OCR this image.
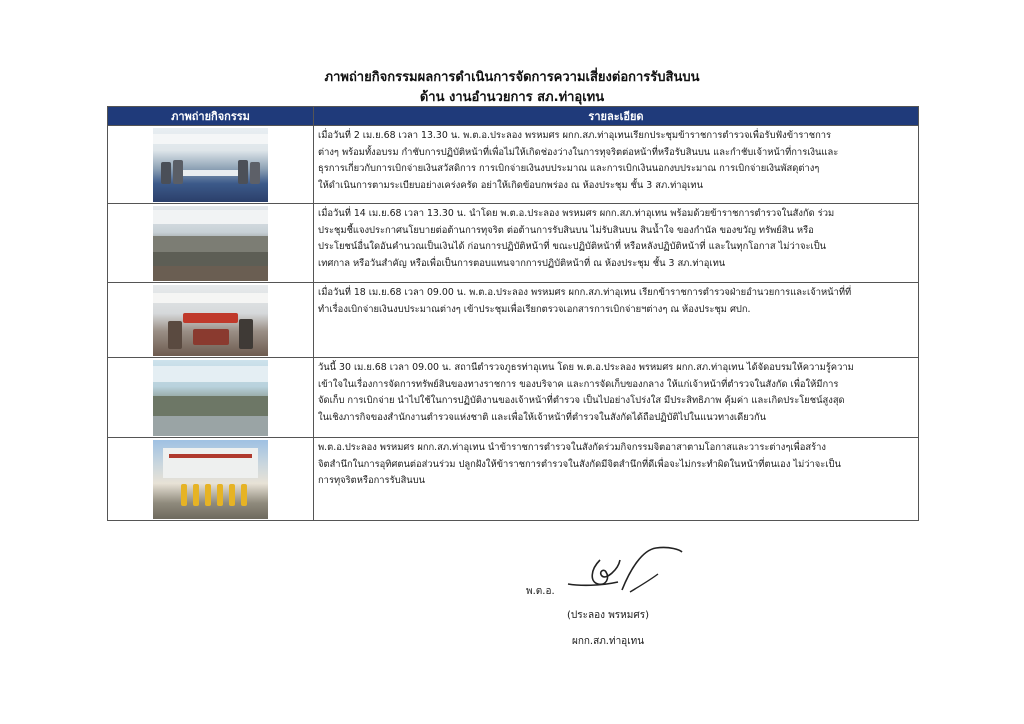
ภาพถ่ายกิจกรรมผลการดำเนินการจัดการความเสี่ยงต่อการรับสินบน
ด้าน งานอำนวยการ สภ.ท่าอุเทน
ภาพถ่ายกิจกรรม	รายละเอียด

	เมื่อวันที่ 2 เม.ย.68 เวลา 13.30 น. พ.ต.อ.ประลอง พรหมศร ผกก.สภ.ท่าอุเทนเรียกประชุมข้าราชการตำรวจเพื่อรับฟังข้าราชการ
ต่างๆ พร้อมทั้งอบรม กำชับการปฏิบัติหน้าที่เพื่อไม่ให้เกิดช่องว่างในการทุจริตต่อหน้าที่หรือรับสินบน และกำชับเจ้าหน้าที่การเงินและ
ธุรการเกี่ยวกับการเบิกจ่ายเงินสวัสดิการ การเบิกจ่ายเงินงบประมาณ และการเบิกเงินนอกงบประมาณ การเบิกจ่ายเงินพัสดุต่างๆ
ให้ดำเนินการตามระเบียบอย่างเคร่งครัด อย่าให้เกิดข้อบกพร่อง ณ ห้องประชุม ชั้น 3 สภ.ท่าอุเทน

	เมื่อวันที่ 14 เม.ย.68 เวลา 13.30 น. นำโดย พ.ต.อ.ประลอง พรหมศร ผกก.สภ.ท่าอุเทน พร้อมด้วยข้าราชการตำรวจในสังกัด ร่วม
ประชุมชี้แจงประกาศนโยบายต่อต้านการทุจริต ต่อต้านการรับสินบน ไม่รับสินบน สินน้ำใจ ของกำนัล ของขวัญ ทรัพย์สิน หรือ
ประโยชน์อื่นใดอันคำนวณเป็นเงินได้ ก่อนการปฏิบัติหน้าที่ ขณะปฏิบัติหน้าที่ หรือหลังปฏิบัติหน้าที่ และในทุกโอกาส ไม่ว่าจะเป็น
เทศกาล หรือวันสำคัญ หรือเพื่อเป็นการตอบแทนจากการปฏิบัติหน้าที่ ณ ห้องประชุม ชั้น 3 สภ.ท่าอุเทน

	เมื่อวันที่ 18 เม.ย.68 เวลา 09.00 น. พ.ต.อ.ประลอง พรหมศร ผกก.สภ.ท่าอุเทน เรียกข้าราชการตำรวจฝ่ายอำนวยการและเจ้าหน้าที่ที่
ทำเรื่องเบิกจ่ายเงินงบประมาณต่างๆ เข้าประชุมเพื่อเรียกตรวจเอกสารการเบิกจ่ายฯต่างๆ ณ ห้องประชุม ศปก.

	วันนี้ 30 เม.ย.68 เวลา 09.00 น. สถานีตำรวจภูธรท่าอุเทน โดย พ.ต.อ.ประลอง พรหมศร ผกก.สภ.ท่าอุเทน ได้จัดอบรมให้ความรู้ความ
เข้าใจในเรื่องการจัดการทรัพย์สินของทางราชการ ของบริจาค และการจัดเก็บของกลาง ให้แก่เจ้าหน้าที่ตำรวจในสังกัด เพื่อให้มีการ
จัดเก็บ การเบิกจ่าย นำไปใช้ในการปฏิบัติงานของเจ้าหน้าที่ตำรวจ เป็นไปอย่างโปร่งใส มีประสิทธิภาพ คุ้มค่า และเกิดประโยชน์สูงสุด
ในเชิงภารกิจของสำนักงานตำรวจแห่งชาติ และเพื่อให้เจ้าหน้าที่ตำรวจในสังกัดได้ถือปฏิบัติไปในแนวทางเดียวกัน

	พ.ต.อ.ประลอง พรหมศร ผกก.สภ.ท่าอุเทน นำข้าราชการตำรวจในสังกัดร่วมกิจกรรมจิตอาสาตามโอกาสและวาระต่างๆเพื่อสร้าง
จิตสำนึกในการอุทิศตนต่อส่วนร่วม ปลูกฝังให้ข้าราชการตำรวจในสังกัดมีจิตสำนึกที่ดีเพื่อจะไม่กระทำผิดในหน้าที่ตนเอง ไม่ว่าจะเป็น
การทุจริตหรือการรับสินบน
พ.ต.อ.
(ประลอง พรหมศร)
ผกก.สภ.ท่าอุเทน
